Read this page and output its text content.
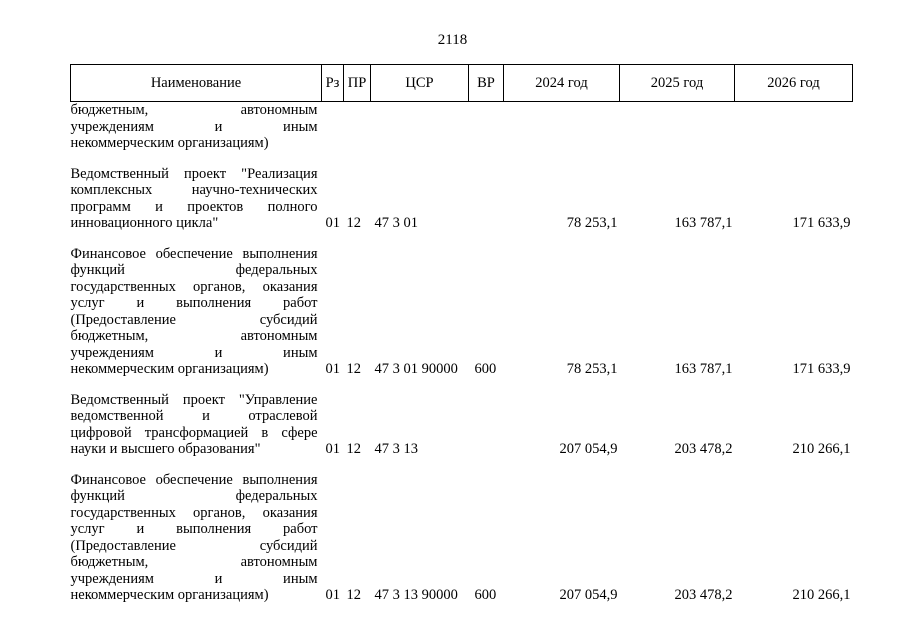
2118
Наименование	Рз	ПР	ЦСР	ВР	2024 год	2025 год	2026 год
бюджетным, автономным							
учреждениям и иным							
некоммерческим организациям)							

Ведомственный проект "Реализация							
комплексных научно-технических							
программ и проектов полного							
инновационного цикла"	01	12	47 3 01		78 253,1	163 787,1	171 633,9

Финансовое обеспечение выполнения							
функций федеральных							
государственных органов, оказания							
услуг и выполнения работ							
(Предоставление субсидий							
бюджетным, автономным							
учреждениям и иным							
некоммерческим организациям)	01	12	47 3 01 90000	600	78 253,1	163 787,1	171 633,9

Ведомственный проект "Управление							
ведомственной и отраслевой							
цифровой трансформацией в сфере							
науки и высшего образования"	01	12	47 3 13		207 054,9	203 478,2	210 266,1

Финансовое обеспечение выполнения							
функций федеральных							
государственных органов, оказания							
услуг и выполнения работ							
(Предоставление субсидий							
бюджетным, автономным							
учреждениям и иным							
некоммерческим организациям)	01	12	47 3 13 90000	600	207 054,9	203 478,2	210 266,1
